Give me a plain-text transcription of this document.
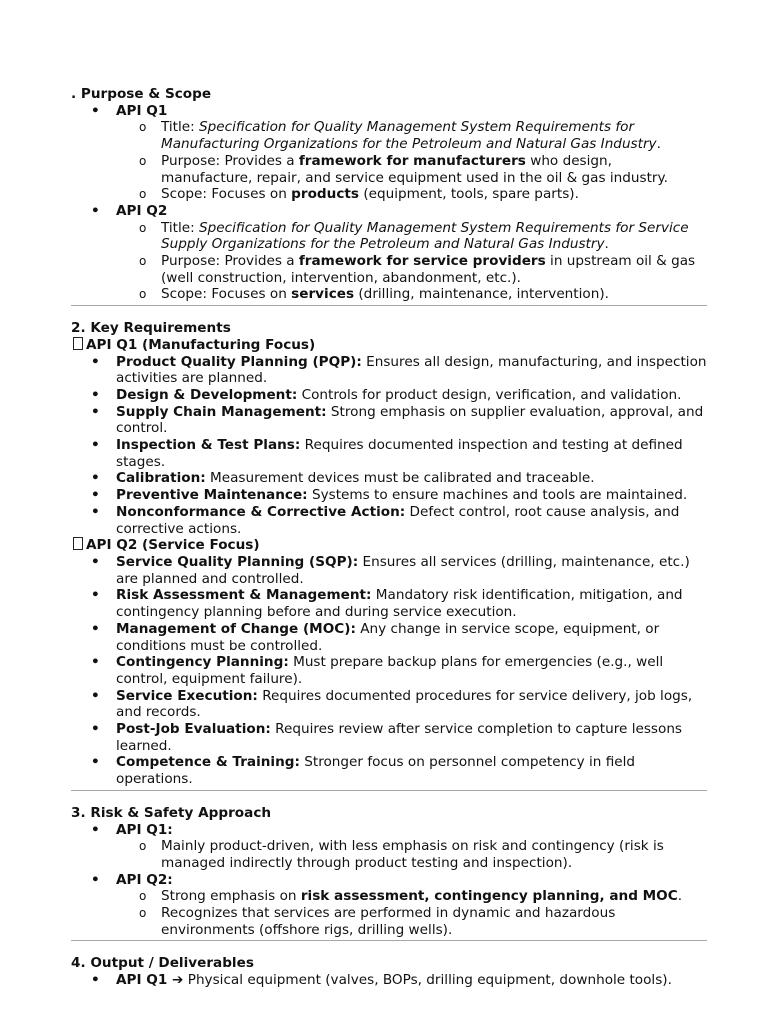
. Purpose & Scope

• API Q1
o Title: Specification for Quality Management System Requirements for Manufacturing Organizations for the Petroleum and Natural Gas Industry.
o Purpose: Provides a framework for manufacturers who design, manufacture, repair, and service equipment used in the oil & gas industry.
o Scope: Focuses on products (equipment, tools, spare parts).
• API Q2
o Title: Specification for Quality Management System Requirements for Service Supply Organizations for the Petroleum and Natural Gas Industry.
o Purpose: Provides a framework for service providers in upstream oil & gas (well construction, intervention, abandonment, etc.).
o Scope: Focuses on services (drilling, maintenance, intervention).

2. Key Requirements

API Q1 (Manufacturing Focus)

• Product Quality Planning (PQP): Ensures all design, manufacturing, and inspection activities are planned.
• Design & Development: Controls for product design, verification, and validation.
• Supply Chain Management: Strong emphasis on supplier evaluation, approval, and control.
• Inspection & Test Plans: Requires documented inspection and testing at defined stages.
• Calibration: Measurement devices must be calibrated and traceable.
• Preventive Maintenance: Systems to ensure machines and tools are maintained.
• Nonconformance & Corrective Action: Defect control, root cause analysis, and corrective actions.

API Q2 (Service Focus)

• Service Quality Planning (SQP): Ensures all services (drilling, maintenance, etc.) are planned and controlled.
• Risk Assessment & Management: Mandatory risk identification, mitigation, and contingency planning before and during service execution.
• Management of Change (MOC): Any change in service scope, equipment, or conditions must be controlled.
• Contingency Planning: Must prepare backup plans for emergencies (e.g., well control, equipment failure).
• Service Execution: Requires documented procedures for service delivery, job logs, and records.
• Post-Job Evaluation: Requires review after service completion to capture lessons learned.
• Competence & Training: Stronger focus on personnel competency in field operations.

3. Risk & Safety Approach

• API Q1:
o Mainly product-driven, with less emphasis on risk and contingency (risk is managed indirectly through product testing and inspection).
• API Q2:
o Strong emphasis on risk assessment, contingency planning, and MOC.
o Recognizes that services are performed in dynamic and hazardous environments (offshore rigs, drilling wells).

4. Output / Deliverables

• API Q1 ➔ Physical equipment (valves, BOPs, drilling equipment, downhole tools).
